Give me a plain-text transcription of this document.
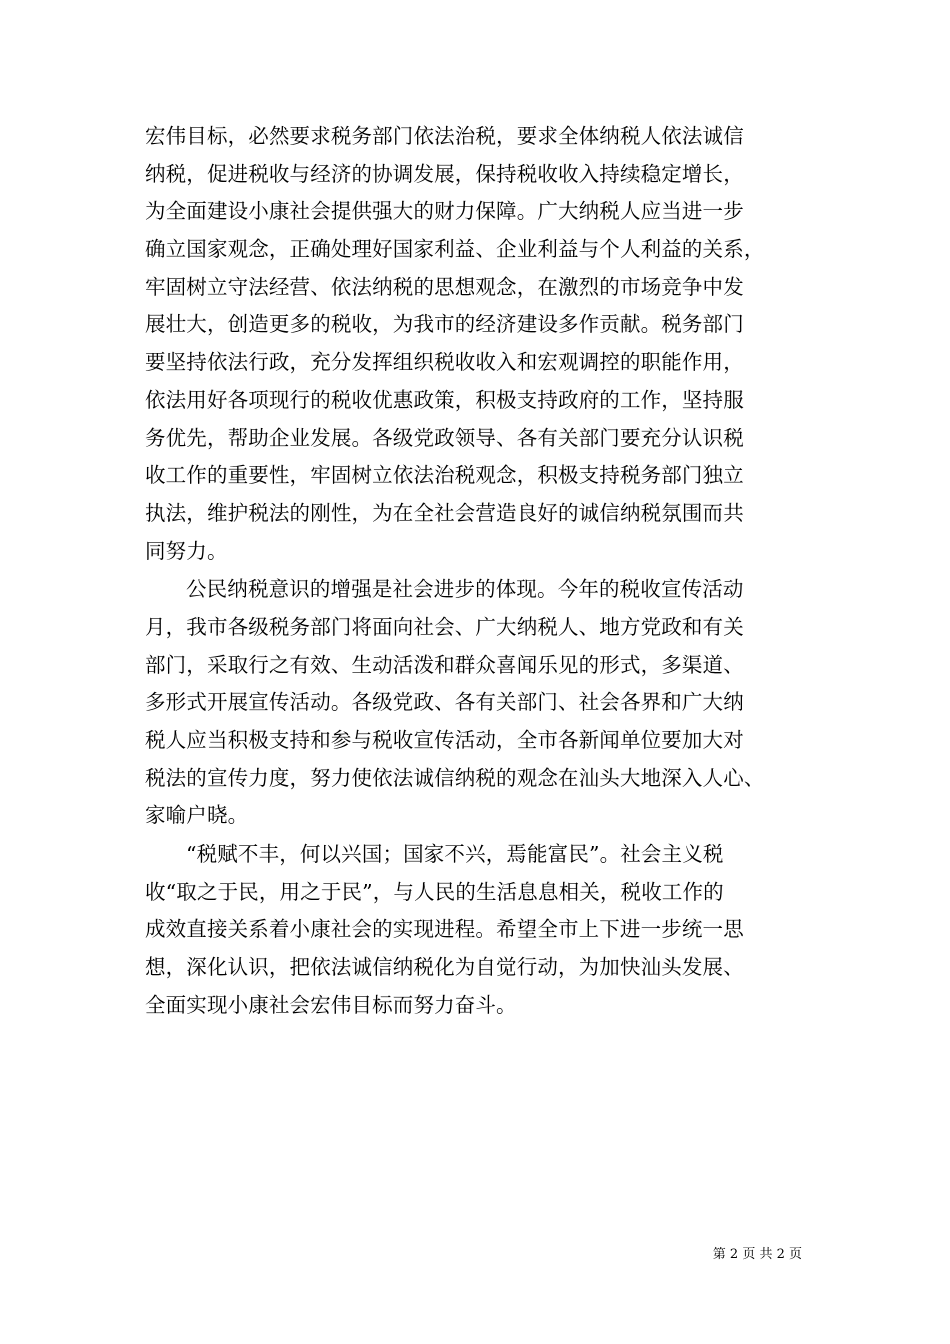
宏伟目标，必然要求税务部门依法治税，要求全体纳税人依法诚信
纳税，促进税收与经济的协调发展，保持税收收入持续稳定增长，
为全面建设小康社会提供强大的财力保障。广大纳税人应当进一步
确立国家观念，正确处理好国家利益、企业利益与个人利益的关系，
牢固树立守法经营、依法纳税的思想观念，在激烈的市场竞争中发
展壮大，创造更多的税收，为我市的经济建设多作贡献。税务部门
要坚持依法行政，充分发挥组织税收收入和宏观调控的职能作用，
依法用好各项现行的税收优惠政策，积极支持政府的工作，坚持服
务优先，帮助企业发展。各级党政领导、各有关部门要充分认识税
收工作的重要性，牢固树立依法治税观念，积极支持税务部门独立
执法，维护税法的刚性，为在全社会营造良好的诚信纳税氛围而共
同努力。
公民纳税意识的增强是社会进步的体现。今年的税收宣传活动
月，我市各级税务部门将面向社会、广大纳税人、地方党政和有关
部门，采取行之有效、生动活泼和群众喜闻乐见的形式，多渠道、
多形式开展宣传活动。各级党政、各有关部门、社会各界和广大纳
税人应当积极支持和参与税收宣传活动，全市各新闻单位要加大对
税法的宣传力度，努力使依法诚信纳税的观念在汕头大地深入人心、
家喻户晓。
“税赋不丰，何以兴国；国家不兴，焉能富民”。社会主义税
收“取之于民，用之于民”，与人民的生活息息相关，税收工作的
成效直接关系着小康社会的实现进程。希望全市上下进一步统一思
想，深化认识，把依法诚信纳税化为自觉行动，为加快汕头发展、
全面实现小康社会宏伟目标而努力奋斗。
第 2 页 共 2 页
